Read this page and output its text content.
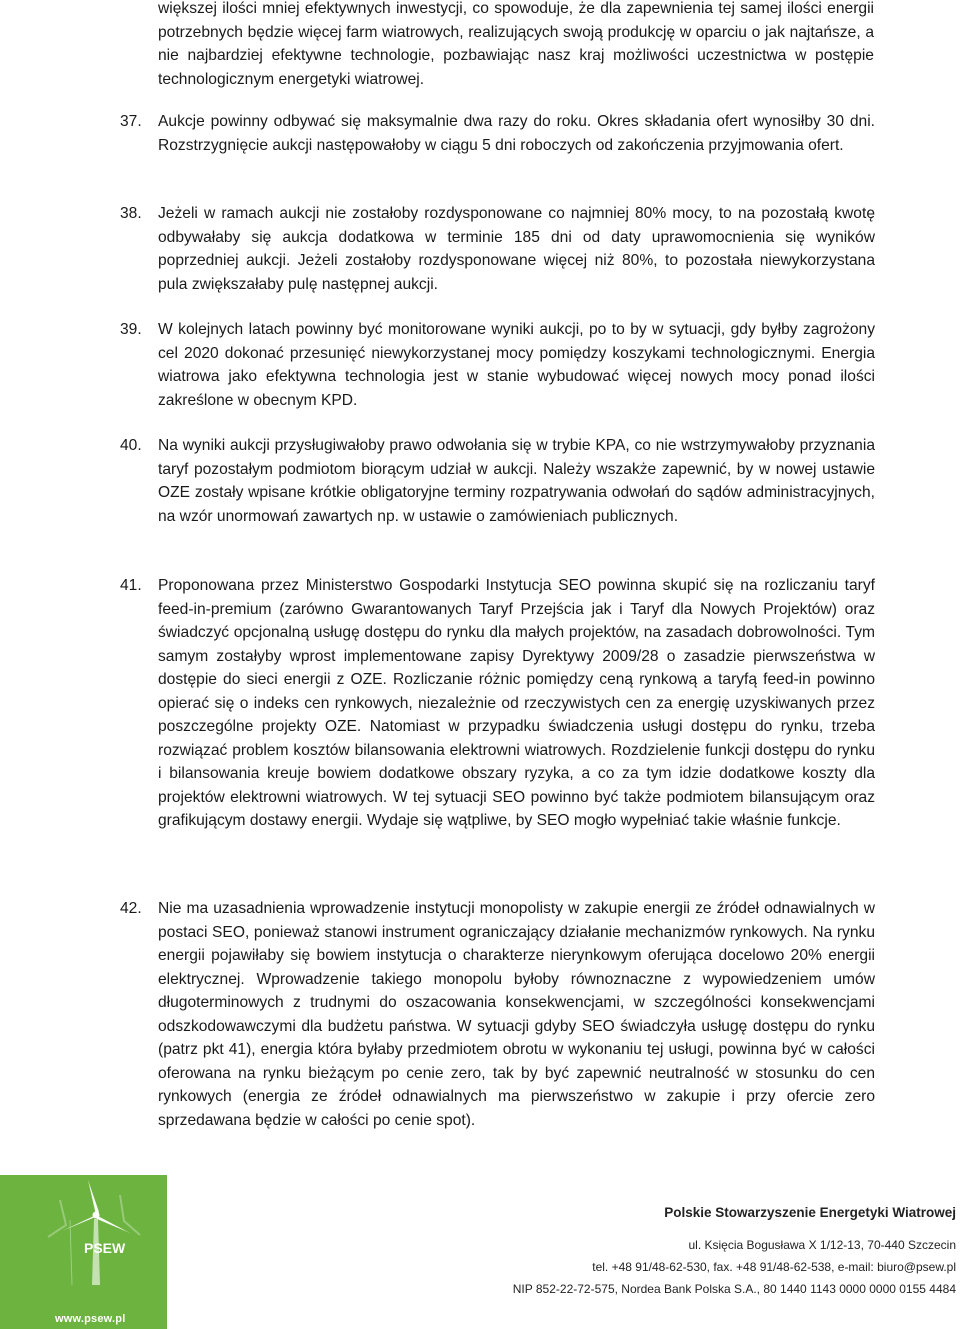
większej ilości mniej efektywnych inwestycji, co spowoduje, że dla zapewnienia tej samej ilości energii potrzebnych będzie więcej farm wiatrowych, realizujących swoją produkcję w oparciu o jak najtańsze, a nie najbardziej efektywne technologie, pozbawiając nasz kraj możliwości uczestnictwa w postępie technologicznym energetyki wiatrowej.

37.	Aukcje powinny odbywać się maksymalnie dwa razy do roku. Okres składania ofert wynosiłby 30 dni. Rozstrzygnięcie aukcji następowałoby w ciągu 5 dni roboczych od zakończenia przyjmowania ofert.

38.	Jeżeli w ramach aukcji nie zostałoby rozdysponowane co najmniej 80% mocy, to na pozostałą kwotę odbywałaby się aukcja dodatkowa w terminie 185 dni od daty uprawomocnienia się wyników poprzedniej aukcji. Jeżeli zostałoby rozdysponowane więcej niż 80%, to pozostała niewykorzystana pula zwiększałaby pulę następnej aukcji.

39.	W kolejnych latach powinny być monitorowane wyniki aukcji, po to by w sytuacji, gdy byłby zagrożony cel 2020 dokonać przesunięć niewykorzystanej mocy pomiędzy koszykami technologicznymi. Energia wiatrowa jako efektywna technologia jest w stanie wybudować więcej nowych mocy ponad ilości zakreślone w obecnym KPD.

40.	Na wyniki aukcji przysługiwałoby prawo odwołania się w trybie KPA, co nie wstrzymywałoby przyznania taryf pozostałym podmiotom biorącym udział w aukcji. Należy wszakże zapewnić, by w nowej ustawie OZE zostały wpisane krótkie obligatoryjne terminy rozpatrywania odwołań do sądów administracyjnych, na wzór unormowań zawartych np. w ustawie o zamówieniach publicznych.

41.	Proponowana przez Ministerstwo Gospodarki Instytucja SEO powinna skupić się na rozliczaniu taryf feed-in-premium (zarówno Gwarantowanych Taryf Przejścia jak i Taryf dla Nowych Projektów) oraz świadczyć opcjonalną usługę dostępu do rynku dla małych projektów, na zasadach dobrowolności. Tym samym zostałyby wprost implementowane zapisy Dyrektywy 2009/28 o zasadzie pierwszeństwa w dostępie do sieci energii z OZE. Rozliczanie różnic pomiędzy ceną rynkową a taryfą feed-in powinno opierać się o indeks cen rynkowych, niezależnie od rzeczywistych cen za energię uzyskiwanych przez poszczególne projekty OZE. Natomiast w przypadku świadczenia usługi dostępu do rynku, trzeba rozwiązać problem kosztów bilansowania elektrowni wiatrowych. Rozdzielenie funkcji dostępu do rynku i bilansowania kreuje bowiem dodatkowe obszary ryzyka, a co za tym idzie dodatkowe koszty dla projektów elektrowni wiatrowych. W tej sytuacji SEO powinno być także podmiotem bilansującym oraz grafikującym dostawy energii. Wydaje się wątpliwe, by SEO mogło wypełniać takie właśnie funkcje.

42.	Nie ma uzasadnienia wprowadzenie instytucji monopolisty w zakupie energii ze źródeł odnawialnych w postaci SEO, ponieważ stanowi instrument ograniczający działanie mechanizmów rynkowych. Na rynku energii pojawiłaby się bowiem instytucja o charakterze nierynkowym oferująca docelowo 20% energii elektrycznej. Wprowadzenie takiego monopolu byłoby równoznaczne z wypowiedzeniem umów długoterminowych z trudnymi do oszacowania konsekwencjami, w szczególności konsekwencjami odszkodowawczymi dla budżetu państwa. W sytuacji gdyby SEO świadczyła usługę dostępu do rynku (patrz pkt 41), energia która byłaby przedmiotem obrotu w wykonaniu tej usługi, powinna być w całości oferowana na rynku bieżącym po cenie zero, tak by być zapewnić neutralność w stosunku do cen rynkowych (energia ze źródeł odnawialnych ma pierwszeństwo w zakupie i przy ofercie zero sprzedawana będzie w całości po cenie spot).

PSEW
www.psew.pl
Polskie Stowarzyszenie Energetyki Wiatrowej
ul. Księcia Bogusława X 1/12-13, 70-440 Szczecin
tel. +48 91/48-62-530, fax. +48 91/48-62-538, e-mail: biuro@psew.pl
NIP 852-22-72-575, Nordea Bank Polska S.A., 80 1440 1143 0000 0000 0155 4484
